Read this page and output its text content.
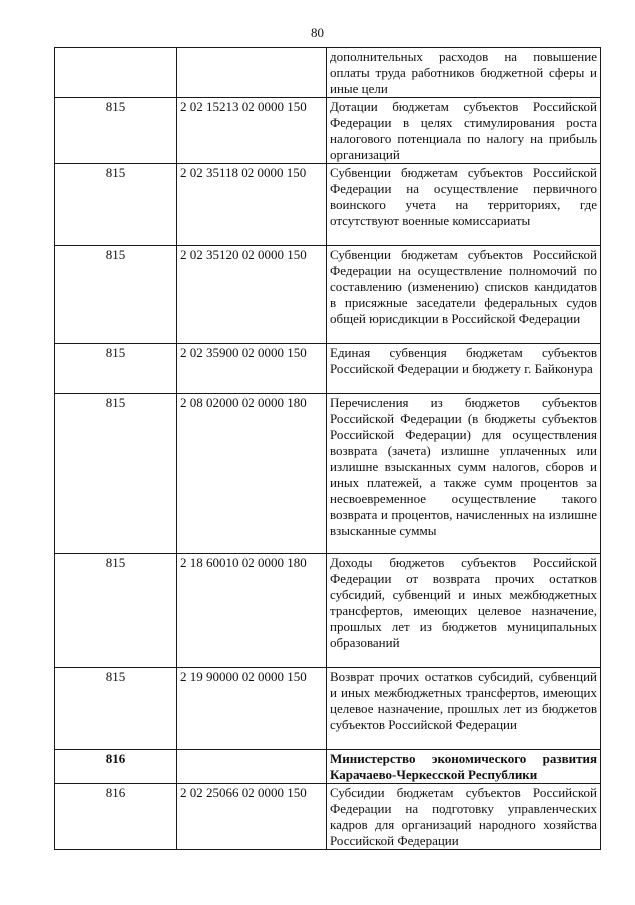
80
		дополнительных расходов на повышение оплаты труда работников бюджетной сферы и иные цели
815	2 02 15213 02 0000 150	Дотации бюджетам субъектов Российской Федерации в целях стимулирования роста налогового потенциала по налогу на прибыль организаций
815	2 02 35118 02 0000 150	Субвенции бюджетам субъектов Российской Федерации на осуществление первичного воинского учета на территориях, где отсутствуют военные комиссариаты
815	2 02 35120 02 0000 150	Субвенции бюджетам субъектов Российской Федерации на осуществление полномочий по составлению (изменению) списков кандидатов в присяжные заседатели федеральных судов общей юрисдикции в Российской Федерации
815	2 02 35900 02 0000 150	Единая субвенция бюджетам субъектов Российской Федерации и бюджету г. Байконура
815	2 08 02000 02 0000 180	Перечисления из бюджетов субъектов Российской Федерации (в бюджеты субъектов Российской Федерации) для осуществления возврата (зачета) излишне уплаченных или излишне взысканных сумм налогов, сборов и иных платежей, а также сумм процентов за несвоевременное осуществление такого возврата и процентов, начисленных на излишне взысканные суммы
815	2 18 60010 02 0000 180	Доходы бюджетов субъектов Российской Федерации от возврата прочих остатков субсидий, субвенций и иных межбюджетных трансфертов, имеющих целевое назначение, прошлых лет из бюджетов муниципальных образований
815	2 19 90000 02 0000 150	Возврат прочих остатков субсидий, субвенций и иных межбюджетных трансфертов, имеющих целевое назначение, прошлых лет из бюджетов субъектов Российской Федерации
816		Министерство экономического развития Карачаево-Черкесской Республики
816	2 02 25066 02 0000 150	Субсидии бюджетам субъектов Российской Федерации на подготовку управленческих кадров для организаций народного хозяйства Российской Федерации
